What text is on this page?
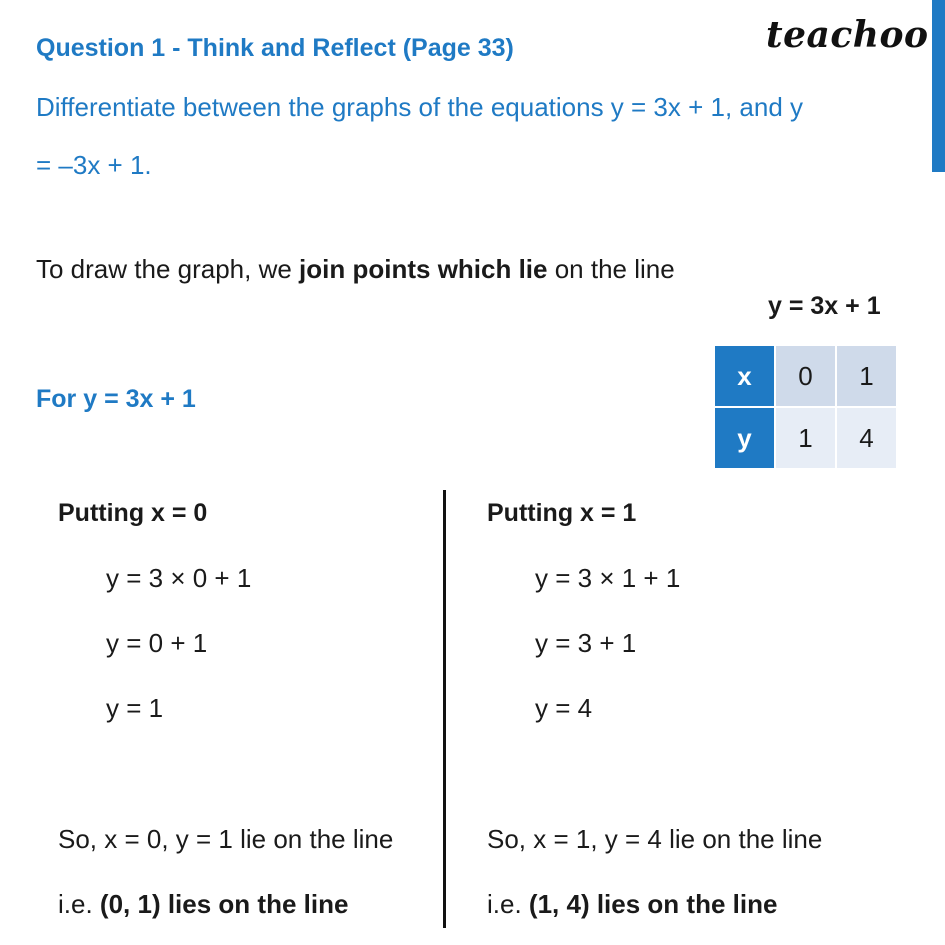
Question 1 - Think and Reflect (Page 33)	teachoo
Differentiate between the graphs of the equations y = 3x + 1, and y
= –3x + 1.
To draw the graph, we join points which lie on the line
y = 3x + 1
For y = 3x + 1
x	0	1
y	1	4
Putting x = 0
y = 3 × 0 + 1
y = 0 + 1
y = 1
So, x = 0, y = 1 lie on the line
i.e. (0, 1) lies on the line
Putting x = 1
y = 3 × 1 + 1
y = 3 + 1
y = 4
So, x = 1, y = 4 lie on the line
i.e. (1, 4) lies on the line
